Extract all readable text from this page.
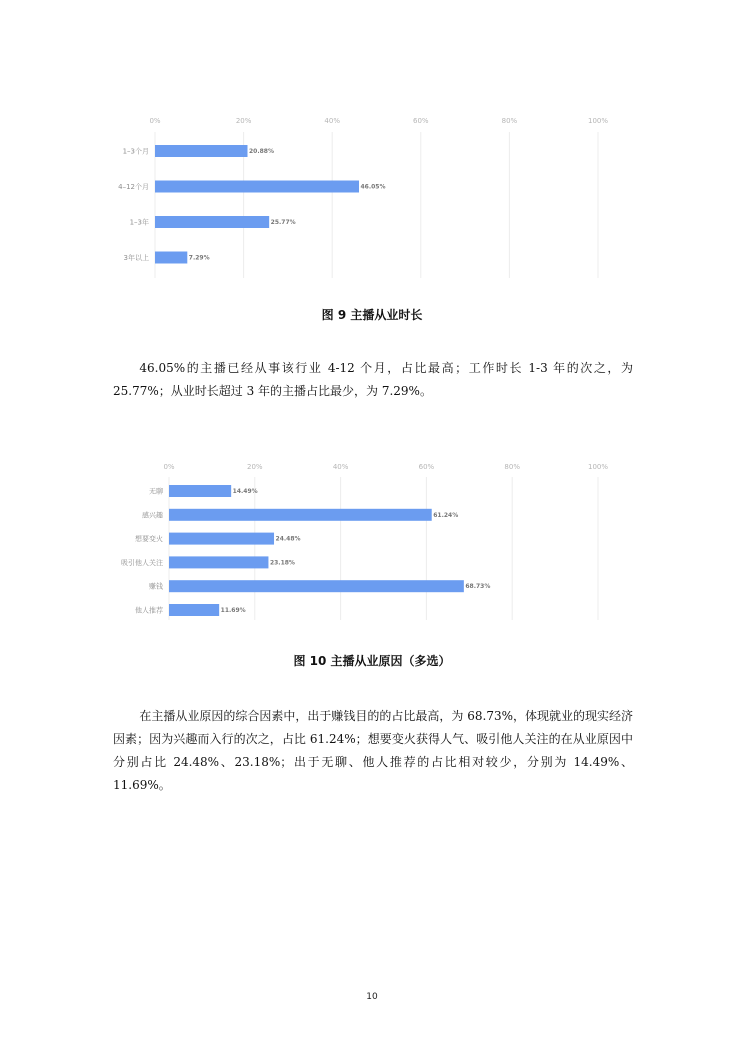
0%	20%	40%	60%	80%	100%
1–3个月	20.88%
4–12个月	46.05%
1–3年	25.77%
3年以上	7.29%
图 9 主播从业时长
46.05%的主播已经从事该行业 4-12 个月，占比最高；工作时长 1-3 年的次之，为 25.77%；从业时长超过 3 年的主播占比最少，为 7.29%。
0%	20%	40%	60%	80%	100%
无聊	14.49%
感兴趣	61.24%
想要变火	24.48%
吸引他人关注	23.18%
赚钱	68.73%
他人推荐	11.69%
图 10 主播从业原因（多选）
在主播从业原因的综合因素中，出于赚钱目的的占比最高，为 68.73%，体现就业的现实经济因素；因为兴趣而入行的次之，占比 61.24%；想要变火获得人气、吸引他人关注的在从业原因中分别占比 24.48%、23.18%；出于无聊、他人推荐的占比相对较少，分别为 14.49%、11.69%。
10
